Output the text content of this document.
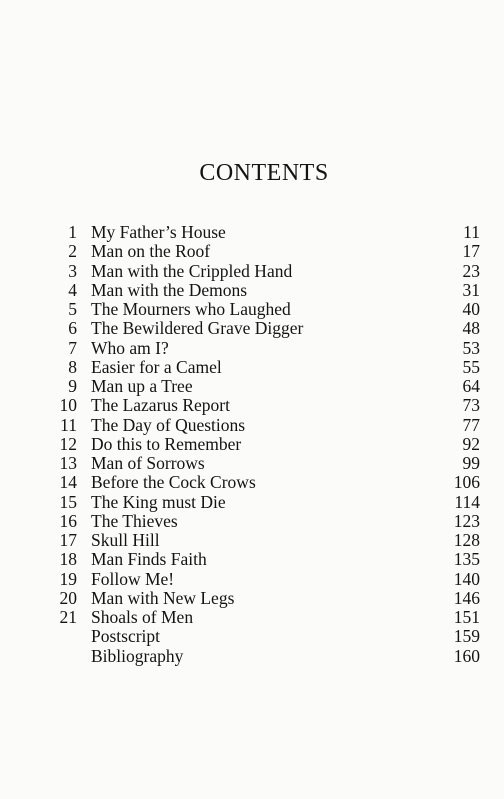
CONTENTS
1 My Father’s House	11
2 Man on the Roof	17
3 Man with the Crippled Hand	23
4 Man with the Demons	31
5 The Mourners who Laughed	40
6 The Bewildered Grave Digger	48
7 Who am I?	53
8 Easier for a Camel	55
9 Man up a Tree	64
10 The Lazarus Report	73
11 The Day of Questions	77
12 Do this to Remember	92
13 Man of Sorrows	99
14 Before the Cock Crows	106
15 The King must Die	114
16 The Thieves	123
17 Skull Hill	128
18 Man Finds Faith	135
19 Follow Me!	140
20 Man with New Legs	146
21 Shoals of Men	151
Postscript	159
Bibliography	160
